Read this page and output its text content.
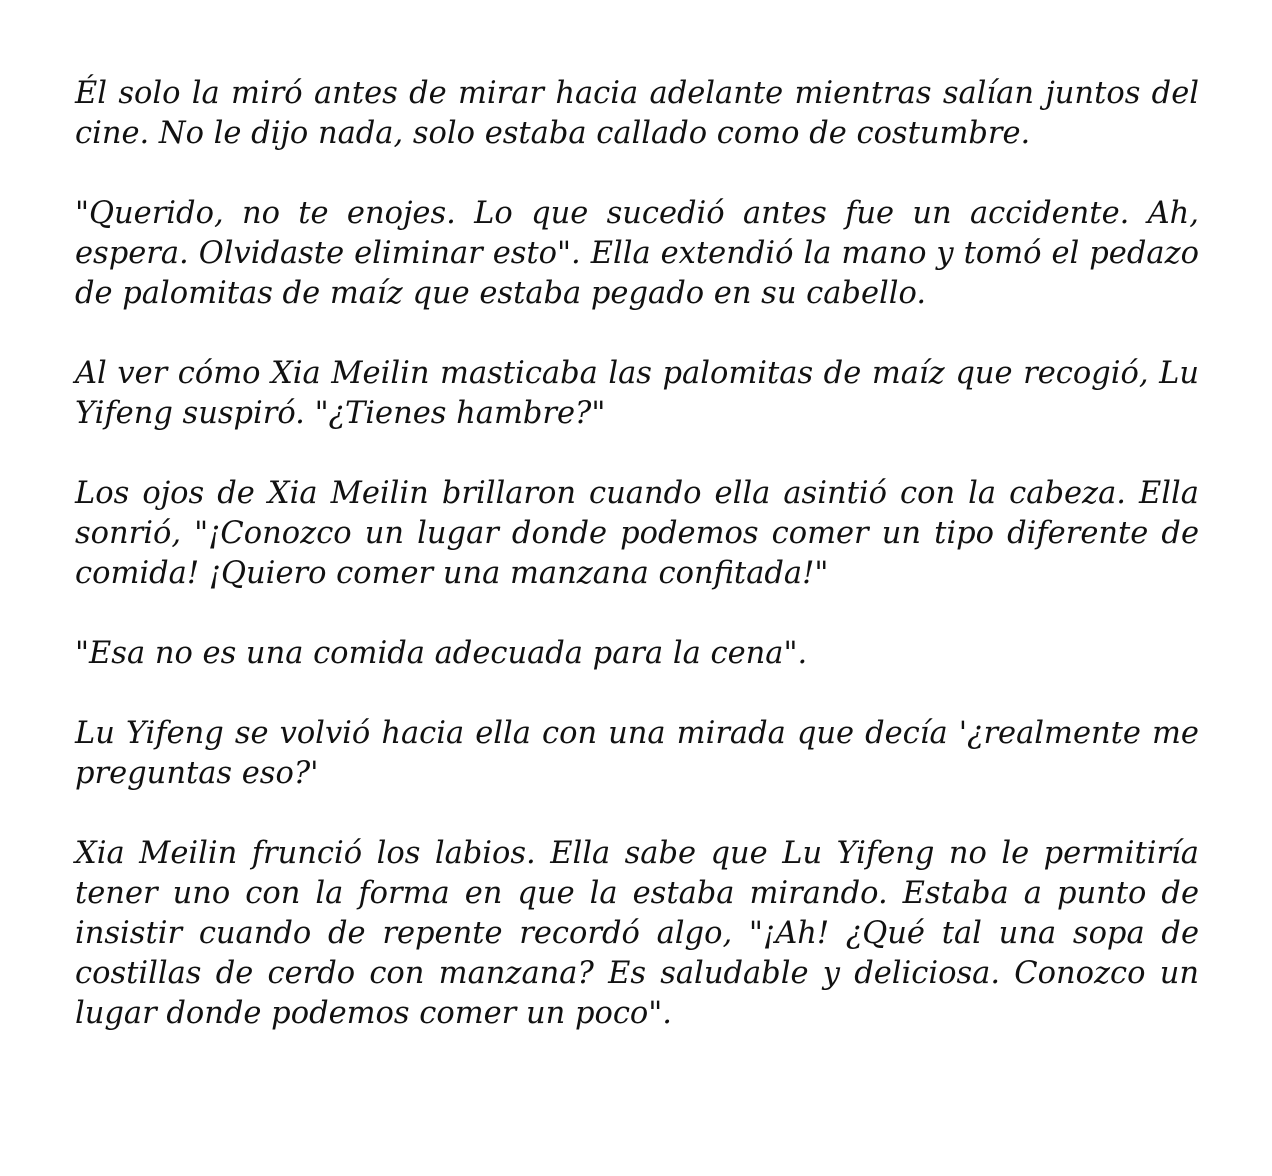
Él solo la miró antes de mirar hacia adelante mientras salían juntos del cine. No le dijo nada, solo estaba callado como de costumbre.

"Querido, no te enojes. Lo que sucedió antes fue un accidente. Ah, espera. Olvidaste eliminar esto". Ella extendió la mano y tomó el pedazo de palomitas de maíz que estaba pegado en su cabello.

Al ver cómo Xia Meilin masticaba las palomitas de maíz que recogió, Lu Yifeng suspiró. "¿Tienes hambre?"

Los ojos de Xia Meilin brillaron cuando ella asintió con la cabeza. Ella sonrió, "¡Conozco un lugar donde podemos comer un tipo diferente de comida! ¡Quiero comer una manzana confitada!"

"Esa no es una comida adecuada para la cena".

Lu Yifeng se volvió hacia ella con una mirada que decía '¿realmente me preguntas eso?'

Xia Meilin frunció los labios. Ella sabe que Lu Yifeng no le permitiría tener uno con la forma en que la estaba mirando. Estaba a punto de insistir cuando de repente recordó algo, "¡Ah! ¿Qué tal una sopa de costillas de cerdo con manzana? Es saludable y deliciosa. Conozco un lugar donde podemos comer un poco".
